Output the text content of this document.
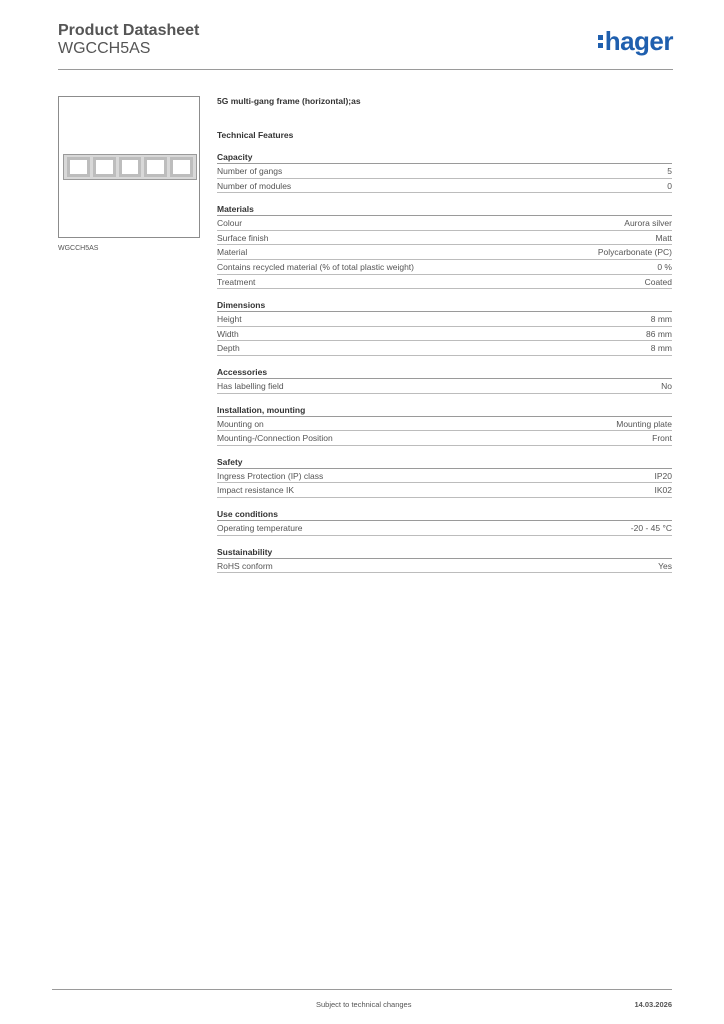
Product Datasheet
WGCCH5AS	hager
WGCCH5AS
5G multi-gang frame (horizontal);as
Technical Features
Capacity
Number of gangs	5
Number of modules	0
Materials
Colour	Aurora silver
Surface finish	Matt
Material	Polycarbonate (PC)
Contains recycled material (% of total plastic weight)	0 %
Treatment	Coated
Dimensions
Height	8 mm
Width	86 mm
Depth	8 mm
Accessories
Has labelling field	No
Installation, mounting
Mounting on	Mounting plate
Mounting-/Connection Position	Front
Safety
Ingress Protection (IP) class	IP20
Impact resistance IK	IK02
Use conditions
Operating temperature	-20 - 45 °C
Sustainability
RoHS conform	Yes
Subject to technical changes	14.03.2026
